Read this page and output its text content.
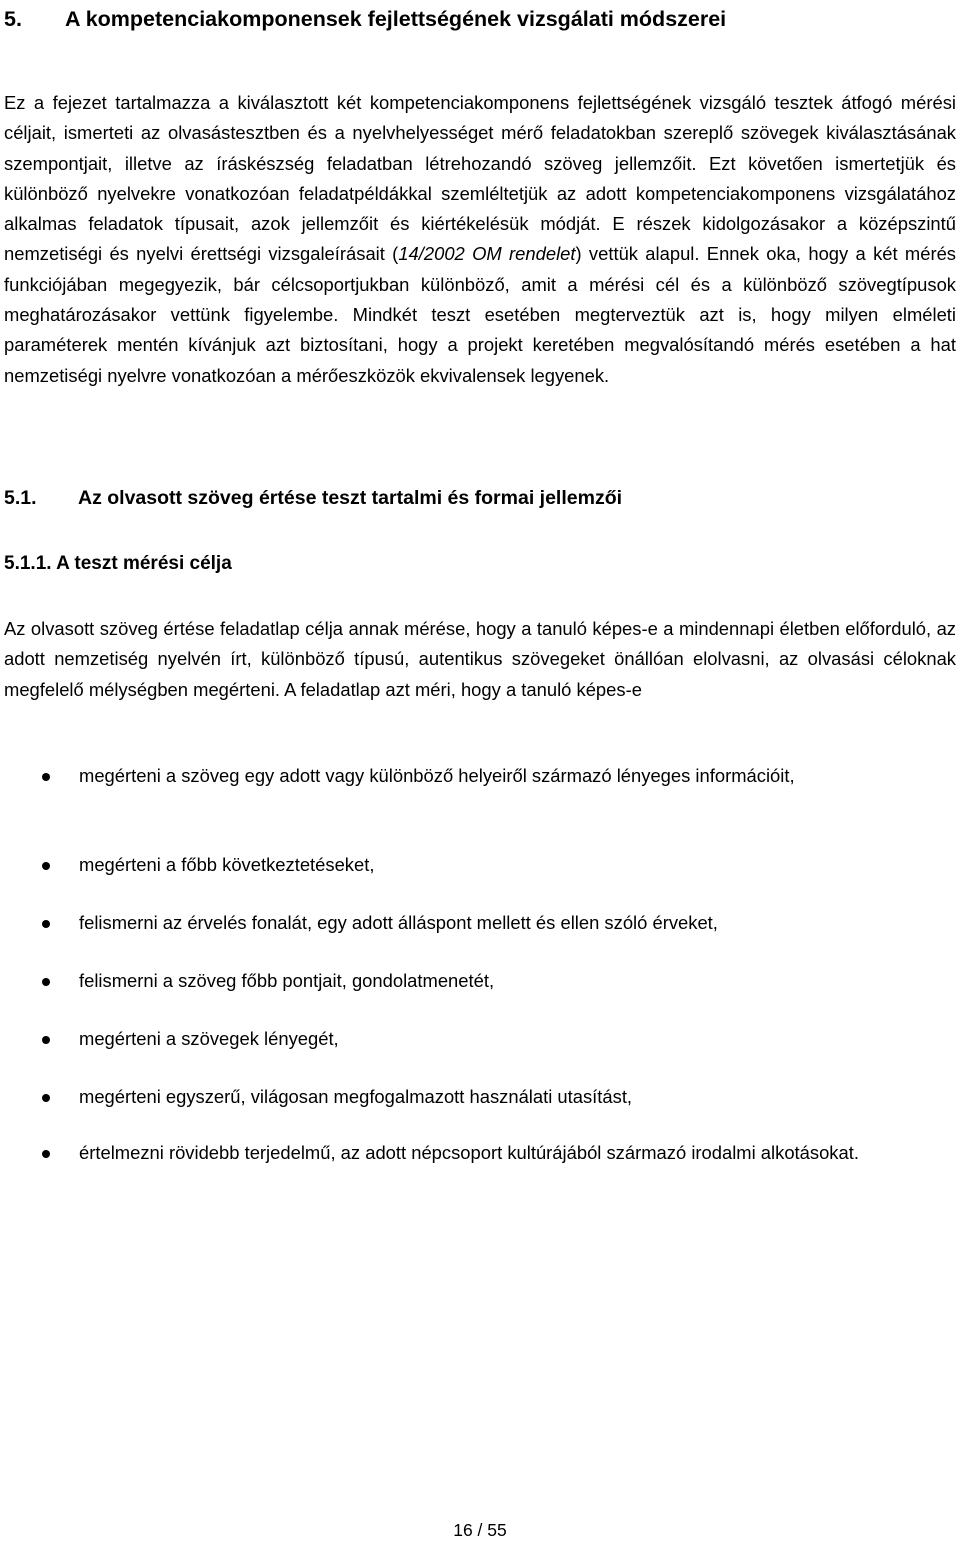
5. A kompetenciakomponensek fejlettségének vizsgálati módszerei

Ez a fejezet tartalmazza a kiválasztott két kompetenciakomponens fejlettségének vizsgáló tesztek átfogó mérési céljait, ismerteti az olvasástesztben és a nyelvhelyességet mérő feladatokban szereplő szövegek kiválasztásának szempontjait, illetve az íráskészség feladatban létrehozandó szöveg jellemzőit. Ezt követően ismertetjük és különböző nyelvekre vonatkozóan feladatpéldákkal szemléltetjük az adott kompetenciakomponens vizsgálatához alkalmas feladatok típusait, azok jellemzőit és kiértékelésük módját. E részek kidolgozásakor a középszintű nemzetiségi és nyelvi érettségi vizsgaleírásait (14/2002 OM rendelet) vettük alapul. Ennek oka, hogy a két mérés funkciójában megegyezik, bár célcsoportjukban különböző, amit a mérési cél és a különböző szövegtípusok meghatározásakor vettünk figyelembe. Mindkét teszt esetében megterveztük azt is, hogy milyen elméleti paraméterek mentén kívánjuk azt biztosítani, hogy a projekt keretében megvalósítandó mérés esetében a hat nemzetiségi nyelvre vonatkozóan a mérőeszközök ekvivalensek legyenek.

5.1. Az olvasott szöveg értése teszt tartalmi és formai jellemzői
5.1.1. A teszt mérési célja

Az olvasott szöveg értése feladatlap célja annak mérése, hogy a tanuló képes-e a mindennapi életben előforduló, az adott nemzetiség nyelvén írt, különböző típusú, autentikus szövegeket önállóan elolvasni, az olvasási céloknak megfelelő mélységben megérteni. A feladatlap azt méri, hogy a tanuló képes-e

megérteni a szöveg egy adott vagy különböző helyeiről származó lényeges információit,
megérteni a főbb következtetéseket,
felismerni az érvelés fonalát, egy adott álláspont mellett és ellen szóló érveket,
felismerni a szöveg főbb pontjait, gondolatmenetét,
megérteni a szövegek lényegét,
megérteni egyszerű, világosan megfogalmazott használati utasítást,
értelmezni rövidebb terjedelmű, az adott népcsoport kultúrájából származó irodalmi alkotásokat.
16 / 55
